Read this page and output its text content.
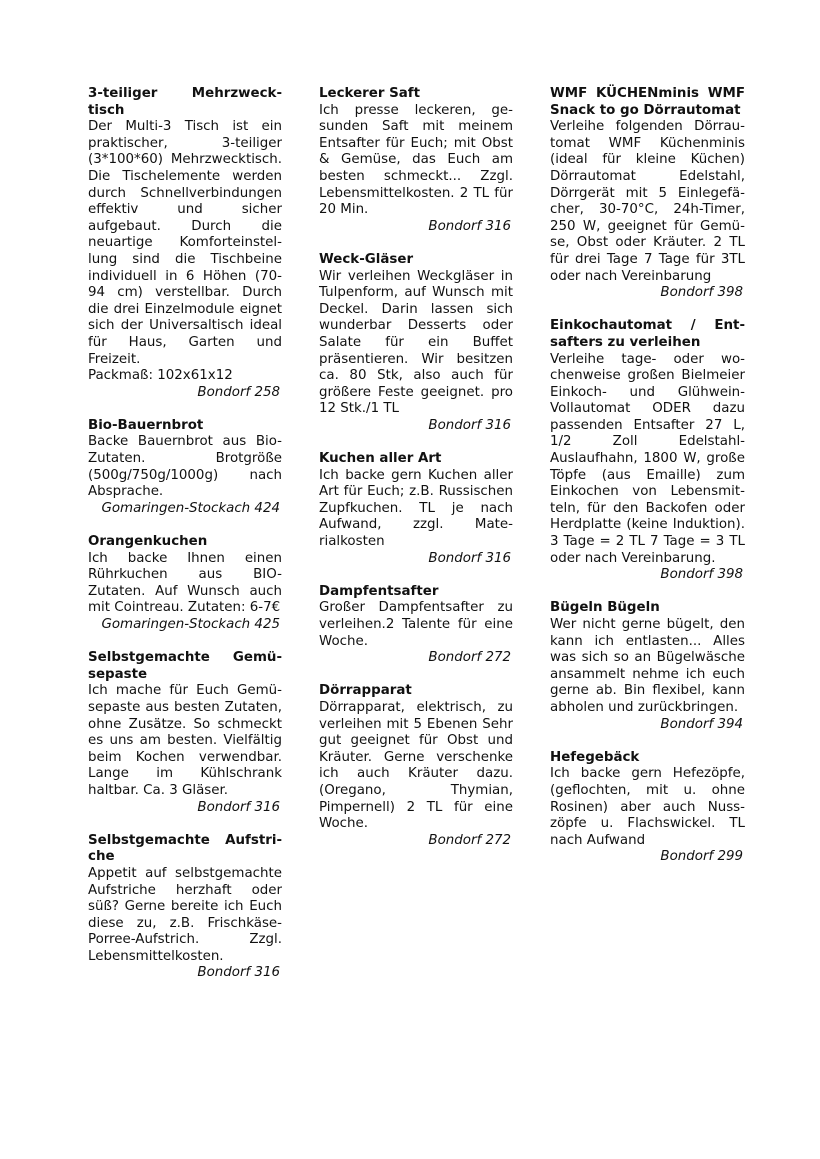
3-teiliger Mehrzwecktisch

Der Multi-3 Tisch ist ein praktischer, 3-teiliger (3*100*60) Mehrzwecktisch. Die Tischelemente werden durch Schnellverbindungen effektiv und sicher aufgebaut. Durch die neuartige Komforteinstellung sind die Tischbeine individuell in 6 Höhen (70-94 cm) verstellbar. Durch die drei Einzelmodule eignet sich der Universaltisch ideal für Haus, Garten und Freizeit.

Packmaß: 102x61x12

Bondorf 258

Bio-Bauernbrot

Backe Bauernbrot aus Bio-Zutaten. Brotgröße (500g/750g/1000g) nach Absprache.

Gomaringen-Stockach 424

Orangenkuchen

Ich backe Ihnen einen Rührkuchen aus BIO-Zutaten. Auf Wunsch auch mit Cointreau. Zutaten: 6-7€

Gomaringen-Stockach 425

Selbstgemachte Gemüsepaste

Ich mache für Euch Gemüsepaste aus besten Zutaten, ohne Zusätze. So schmeckt es uns am besten. Vielfältig beim Kochen verwendbar. Lange im Kühlschrank haltbar. Ca. 3 Gläser.

Bondorf 316

Selbstgemachte Aufstriche

Appetit auf selbstgemachte Aufstriche herzhaft oder süß? Gerne bereite ich Euch diese zu, z.B. Frischkäse-Porree-Aufstrich. Zzgl. Lebensmittelkosten.

Bondorf 316

Leckerer Saft

Ich presse leckeren, gesunden Saft mit meinem Entsafter für Euch; mit Obst & Gemüse, das Euch am besten schmeckt... Zzgl. Lebensmittelkosten. 2 TL für 20 Min.

Bondorf 316

Weck-Gläser

Wir verleihen Weckgläser in Tulpenform, auf Wunsch mit Deckel. Darin lassen sich wunderbar Desserts oder Salate für ein Buffet präsentieren. Wir besitzen ca. 80 Stk, also auch für größere Feste geeignet. pro 12 Stk./1 TL

Bondorf 316

Kuchen aller Art

Ich backe gern Kuchen aller Art für Euch; z.B. Russischen Zupfkuchen. TL je nach Aufwand, zzgl. Materialkosten

Bondorf 316

Dampfentsafter

Großer Dampfentsafter zu verleihen.2 Talente für eine Woche.

Bondorf 272

Dörrapparat

Dörrapparat, elektrisch, zu verleihen mit 5 Ebenen Sehr gut geeignet für Obst und Kräuter. Gerne verschenke ich auch Kräuter dazu. (Oregano, Thymian, Pimpernell) 2 TL für eine Woche.

Bondorf 272

WMF KÜCHENminis WMF Snack to go Dörrautomat

Verleihe folgenden Dörrautomat WMF Küchenminis (ideal für kleine Küchen) Dörrautomat Edelstahl, Dörrgerät mit 5 Einlegefächer, 30-70°C, 24h-Timer, 250 W, geeignet für Gemüse, Obst oder Kräuter. 2 TL für drei Tage 7 Tage für 3TL oder nach Vereinbarung

Bondorf 398

Einkochautomat / Entsafters zu verleihen

Verleihe tage- oder wochenweise großen Bielmeier Einkoch- und Glühwein-Vollautomat ODER dazu passenden Entsafter 27 L, 1/2 Zoll Edelstahl-Auslaufhahn, 1800 W, große Töpfe (aus Emaille) zum Einkochen von Lebensmitteln, für den Backofen oder Herdplatte (keine Induktion). 3 Tage = 2 TL 7 Tage = 3 TL oder nach Vereinbarung.

Bondorf 398

Bügeln Bügeln

Wer nicht gerne bügelt, den kann ich entlasten... Alles was sich so an Bügelwäsche ansammelt nehme ich euch gerne ab. Bin flexibel, kann abholen und zurückbringen.

Bondorf 394

Hefegebäck

Ich backe gern Hefezöpfe, (geflochten, mit u. ohne Rosinen) aber auch Nusszöpfe u. Flachswickel. TL nach Aufwand

Bondorf 299
